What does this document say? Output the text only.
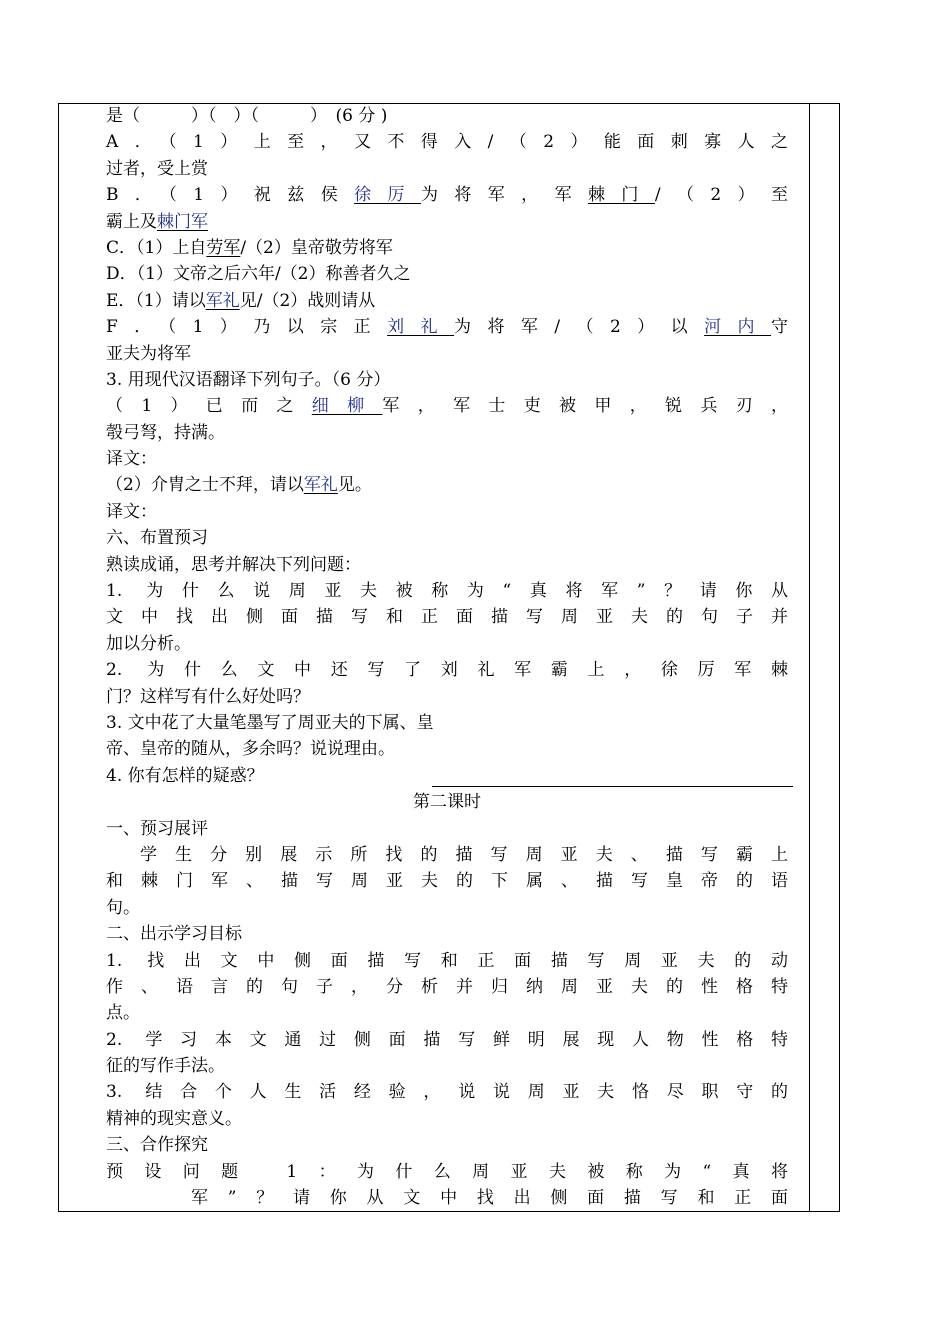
是（　　　）（　）（　　　）　(6 分 )
A．（1）上至，又不得入/（2）能面刺寡人之
过者，受上赏
B．（1）祝兹侯徐厉为将军，军棘门/（2）至
霸上及棘门军
C．（1）上自劳军/（2）皇帝敬劳将军
D．（1）文帝之后六年/（2）称善者久之
E．（1）请以军礼见/（2）战则请从
F．（1）乃以宗正刘礼为将军/（2）以河内守
亚夫为将军
3. 用现代汉语翻译下列句子。（6 分）
（1）已而之细柳军，军士吏被甲，锐兵刃，
彀弓弩，持满。
译文：
（2）介胄之士不拜，请以军礼见。
译文：
六、布置预习
熟读成诵，思考并解决下列问题：
1. 为什么说周亚夫被称为“真将军”？请你从
文中找出侧面描写和正面描写周亚夫的句子并
加以分析。
2. 为什么文中还写了刘礼军霸上，徐厉军棘
门？这样写有什么好处吗？
3. 文中花了大量笔墨写了周亚夫的下属、皇
帝、皇帝的随从，多余吗？说说理由。
4. 你有怎样的疑惑？
第二课时
一、预习展评
学生分别展示所找的描写周亚夫、描写霸上
和棘门军、描写周亚夫的下属、描写皇帝的语
句。
二、出示学习目标
1. 找出文中侧面描写和正面描写周亚夫的动
作、语言的句子，分析并归纳周亚夫的性格特
点。
2. 学习本文通过侧面描写鲜明展现人物性格特
征的写作手法。
3. 结合个人生活经验，说说周亚夫恪尽职守的
精神的现实意义。
三、合作探究
预设问题 1：为什么周亚夫被称为“真将
军”？请你从文中找出侧面描写和正面
